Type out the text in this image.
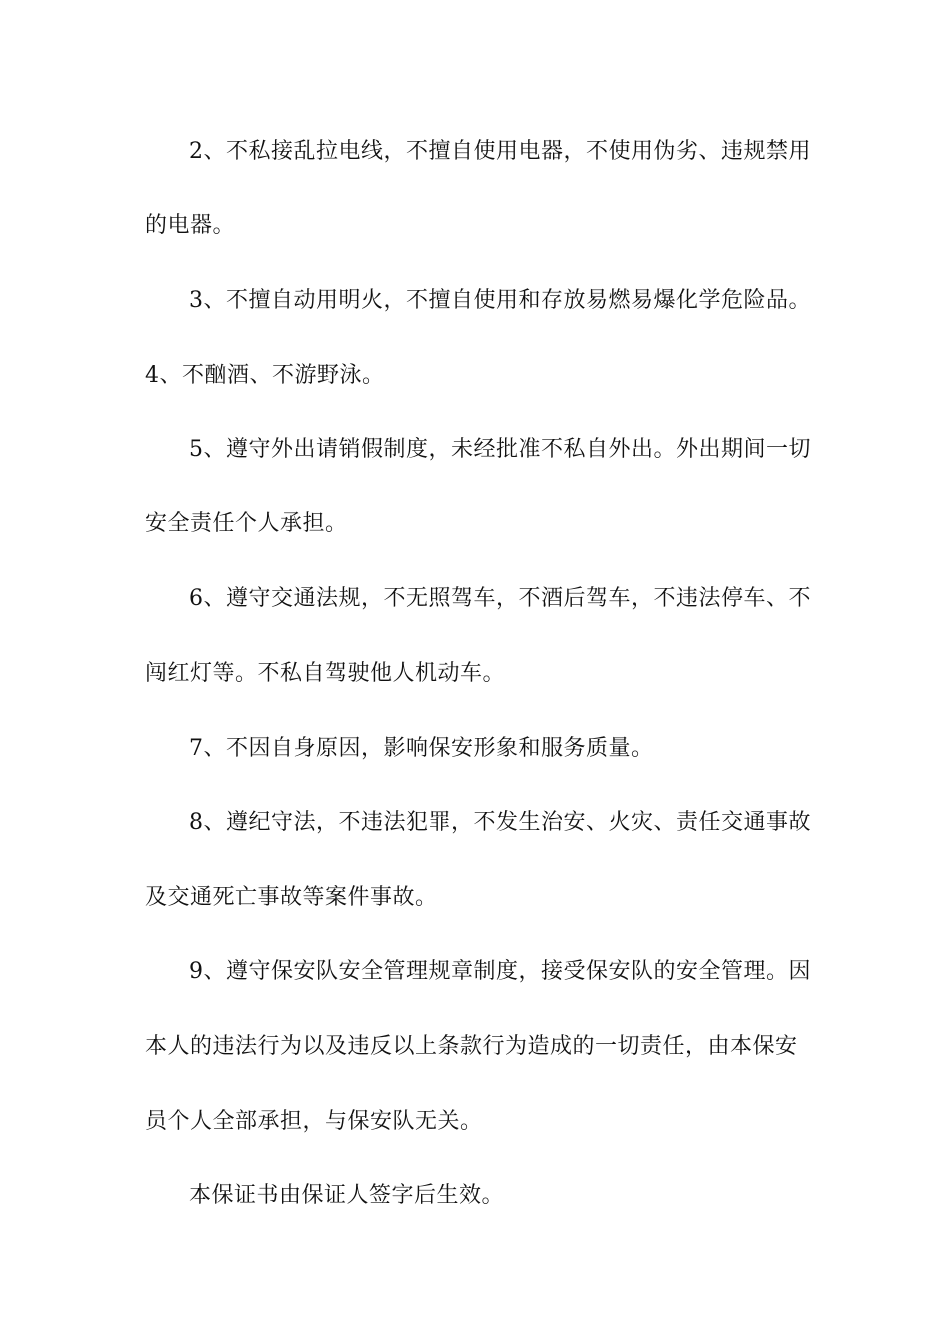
2、不私接乱拉电线，不擅自使用电器，不使用伪劣、违规禁用

的电器。

3、不擅自动用明火，不擅自使用和存放易燃易爆化学危险品。

4、不酗酒、不游野泳。

5、遵守外出请销假制度，未经批准不私自外出。外出期间一切

安全责任个人承担。

6、遵守交通法规，不无照驾车，不酒后驾车，不违法停车、不

闯红灯等。不私自驾驶他人机动车。

7、不因自身原因，影响保安形象和服务质量。

8、遵纪守法，不违法犯罪，不发生治安、火灾、责任交通事故

及交通死亡事故等案件事故。

9、遵守保安队安全管理规章制度，接受保安队的安全管理。因

本人的违法行为以及违反以上条款行为造成的一切责任，由本保安

员个人全部承担，与保安队无关。

本保证书由保证人签字后生效。
